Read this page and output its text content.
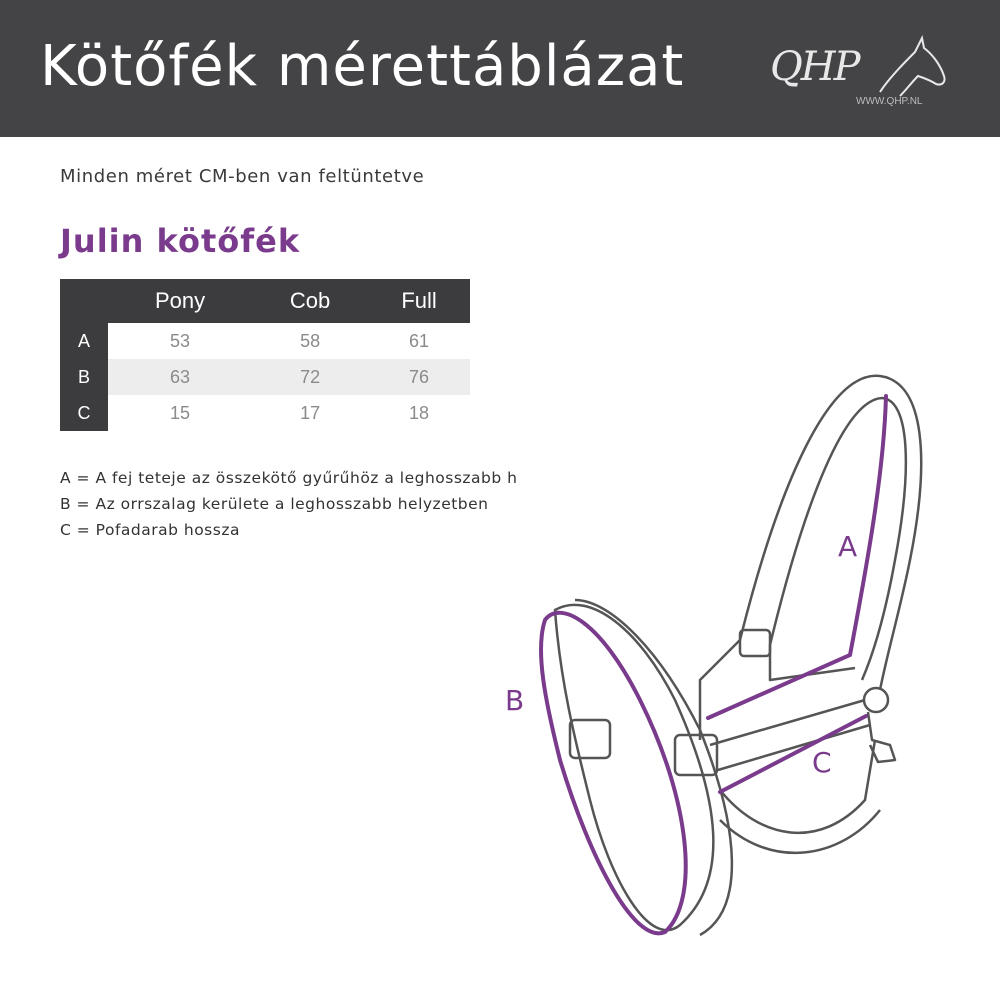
Kötőfék mérettáblázat QHP
WWW.QHP.NL
Minden méret CM-ben van feltüntetve
Julin kötőfék
	Pony	Cob	Full
A	53	58	61
B	63	72	76
C	15	17	18
A = A fej teteje az összekötő gyűrűhöz a leghosszabb h
B = Az orrszalag kerülete a leghosszabb helyzetben
C = Pofadarab hossza	A
B
C
